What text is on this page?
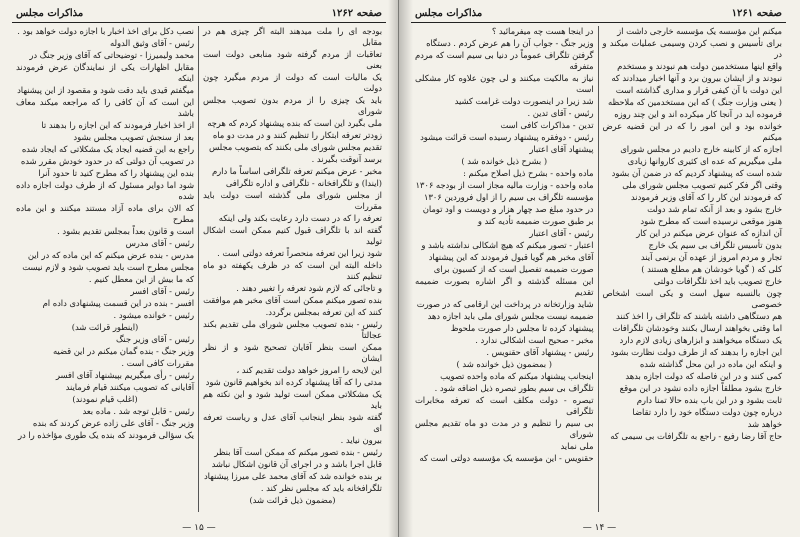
صفحه ۱۲۶۲
مذاکرات مجلس

بودجه ای را ملت میدهند البته اگر چیزی هم در مقابل

تعاقبات از مردم گرفته شود منابعی دولت است بعنی

یک مالیات است که دولت از مردم میگیرد چون دولت

باید یک چیزی را از مردم بدون تصویب مجلس شورای

ملی بگیرد این است که بنده پیشنهاد کردم که هرچه

زودتر تعرفه ابتکار را تنظیم کنند و در مدت دو ماه

تقدیم مجلس شورای ملی بکنند که بتصویب مجلس

برسد آنوقت بگیرند .

مخبر - عرض میکنم تعرفه تلگرافی اساساً ما دارم

(ایندا) و تلگرافخانه - تلگرافی و اداره تلگرافی

از مجلس شورای ملی گذشته است دولت باید مقررات

تعرفه را که در دست دارد رعایت بکند ولی اینکه

گفته اند با تلگراف قبول کنیم ممکن است اشکال تولید

شود زیرا این تعرفه منحصراً تعرفه دولتی است .

داخله البته این است که در ظرف یکهفته دو ماه تنظیم کنند

و تاجائی که لازم شود تعرفه را تغییر دهند .

بنده تصور میکنم ممکن است آقای مخبر هم موافقت

کنند که این تعرفه بمجلس برگردد.

رئیس - بنده تصویب مجلس شورای ملی تقدیم بکند عجالتاً

ممکن است بنظر آقایان تصحیح شود و از نظر ایشان

این لایحه را امروز خواهد دولت تقدیم کند ،

مدتی را که آقا پیشنهاد کرده اند بخواهیم قانون شود

یک مشکلاتی ممکن است تولید شود و این نکته هم باید

گفته شود بنظر اینجانب آقای عدل و ریاست تعرفه ای

بیرون نیاید .

رئیس - بنده تصور میکنم که ممکن است آقا بنظر

قابل اجرا باشد و در اجرای آن قانون اشکال نباشد

بر بنده خوانده شد که آقای محمد علی میرزا پیشنهاد

تلگرافخانه باید که مجلس نظر کند .

(مضمون ذیل قرائت شد)

نصب دکل برای اخذ اخبار با اجازه دولت خواهد بود .

رئیس - آقای وثیق الدوله

محمد ولیمیرزا - توضیحاتی که آقای وزیر جنگ در

مقابل اظهارات یکی از نمایندگان عرض فرمودند اینکه

میگفتم قیدی باید دقت شود و مقصود از این پیشنهاد

این است که آن کافی را که مراجعه میکند معاف باشد

از اخذ اخبار فرمودند که این اجازه را بدهند تا

بعد از سنجش تصویب مجلس بشود

راجع به این قضیه ایجاد یک مشکلاتی که ایجاد شده

در تصویب آن دولتی که در حدود خودش مقرر شده

بنده این پیشنهاد را که مطرح کنید تا حدود آنرا

شود اما دوایر مسئول که از طرف دولت اجازه داده شده

که الان برای ماده آزاد مستند میکنند و این ماده مطرح

است و قانون بعداً بمجلس تقدیم بشود .

رئیس - آقای مدرس

مدرس - بنده عرض میکنم که این ماده که در این

مجلس مطرح است باید تصویب شود و لازم نیست

که ما بیش از این معطل کنیم .

رئیس - آقای افسر

افسر - بنده در این قسمت پیشنهادی داده ام

رئیس - خوانده میشود .

(اینطور قرائت شد)

رئیس - آقای وزیر جنگ

وزیر جنگ - بنده گمان میکنم در این قضیه

مقررات کافی است .

رئیس - رأی میگیریم بپیشنهاد آقای افسر

آقایانی که تصویب میکنند قیام فرمایند

(اغلب قیام نمودند)

رئیس - قابل توجه شد . ماده بعد

وزیر جنگ - آقای علی زاده عرض کردند که بنده

یک سؤالی فرمودند که بنده یک طوری مؤاخذه را در

— ۱۵ —
صفحه ۱۲۶۱
مذاکرات مجلس

میکنم این مؤسسه یک مؤسسه خارجی داشت از

برای تأسیس و نصب کردن وسیمی عملیات میکند و در

واقع اینها مستخدمین دولت هم نبودند و مستخدم

نبودند و از ایشان بیرون برد و آنها اخبار میدادند که

این دولت با آن کیفی قرار و مداری گذاشته است

( یعنی وزارت جنگ ) که این مستخدمین که ملاحظه

فرموده اید در آنجا کار میکرده اند و این چند روزه

خوانده بود و این امور را که در این قضیه عرض میکنم

اجازه که از کابینه خارج دادیم در مجلس شورای

ملی میگیریم که عده ای کثیری کاروانها زیادی

شده است که پیشنهاد کردیم که در ضمن آن بشود

وقتی اگر فکر کنیم تصویب مجلس شورای ملی

که فرمودند این کار را که آقای وزیر فرمودند

خارج بشود و بعد از آنکه تمام شد دولت

هنوز موقعی نرسیده است که مطرح شود

آن اندازه که عنوان عرض میکنم در این کار

بدون تأسیس تلگراف بی سیم یک خارج

تجار و مردم امروز از عهده آن برنمی آیند

کلی که ( گویا خودشان هم مطلع هستند )

خارج تصویب باید اخذ تلگرافات دولتی

چون بالنسبه سهل است و یکی است اشخاص خصوصی

هم دستگاهی داشته باشند که تلگراف را اخذ کنند

اما وقتی بخواهند ارسال بکنند وخودشان تلگرافات

یک دستگاه میخواهند و ابزارهای زیادی لازم دارد

این اجازه را بدهند که از طرف دولت نظارت بشود

و اینکه این ماده در این محل گذاشته شده

کمی کنند و در این فاصله که دولت اجازه بدهد

خارج بشود مطلقاً اجازه داده نشود در این موقع

ثابت بشود و در این باب بنده حالا تمنا دارم

درباره چون دولت دستگاه خود را دارد تقاضا

خواهد شد

حاج آقا رضا رفیع - راجع به تلگرافات بی سیمی که

در اینجا هست چه میفرمائید ؟

وزیر جنگ - جواب آن را هم عرض کردم . دستگاه

گرفتن تلگراف عموماً در دنیا بی سیم است که مردم متفرقه

نیاز به مالکیت میکنند و لی چون علاوه کار مشکلی است

شد زیرا در اینصورت دولت غرامت کشید

رئیس - آقای تدین .

تدین - مذاکرات کافی است

رئیس - دوفقره پیشنهاد رسیده است قرائت میشود

پیشنهاد آقای اعتبار

( بشرح ذیل خوانده شد )

ماده واحده - بشرح ذیل اصلاح میکنم :

ماده واحده - وزارت مالیه مجاز است از بودجه ۱۳۰۶

مؤسسه تلگراف بی سیم را از اول فروردین ۱۳۰۶

در حدود مبلغ صد چهار هزار و دویست و اود تومان

بر طبق صورت ضمیمه تأدیه کند و

رئیس - آقای اعتبار

اعتبار - تصور میکنم که هیچ اشکالی نداشته باشد و

آقای مخبر هم گویا قبول فرمودند که این پیشنهاد

صورت ضمیمه تفصیل است که از کسیون برای

این مسئله گذشته و اگر اشاره بصورت ضمیمه تقدیم

شاید وزارتخانه در پرداخت این ارقامی که در صورت

ضمیمه نیست مجلس شورای ملی باید اجازه دهد

پیشنهاد کرده تا مجلس دار صورت ملحوظ

مخبر - صحیح است اشکالی ندارد .

رئیس - پیشنهاد آقای حقنویس .

( بمضمون ذیل خوانده شد )

اینجانب پیشنهاد میکنم که ماده واحده تصویب

تلگراف بی سیم بطور تبصره ذیل اضافه شود .

تبصره - دولت مکلف است که تعرفه مخابرات تلگرافی

بی سیم را تنظیم و در مدت دو ماه تقدیم مجلس شورای

ملی نماید

حقنویس - این مؤسسه یک مؤسسه دولتی است که

— ۱۴ —
